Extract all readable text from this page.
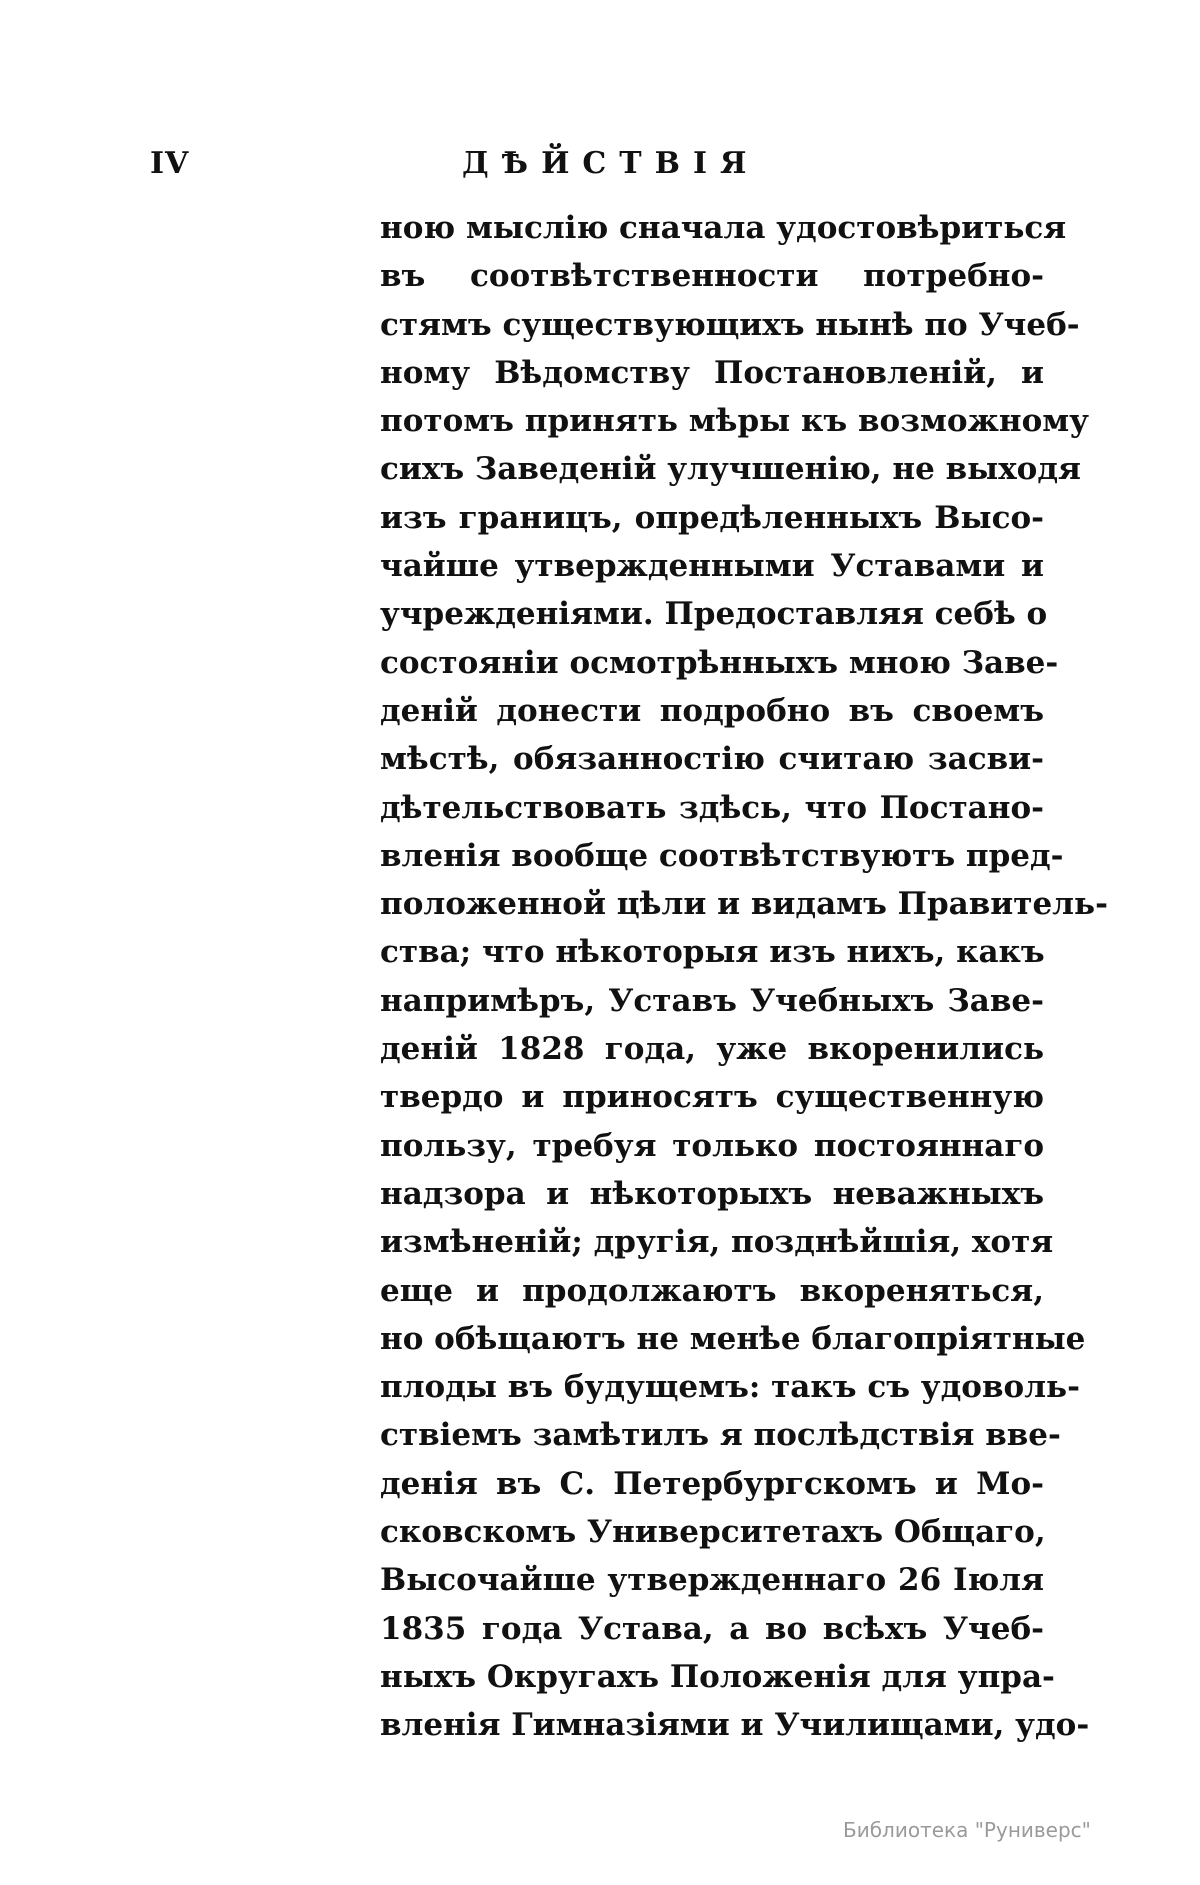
IV	ДѢЙСТВІЯ
ною мыслію сначала удостовѣриться
въ соотвѣтственности потребно-
стямъ существующихъ нынѣ по Учеб-
ному Вѣдомству Постановленій, и
потомъ принять мѣры къ возможному
сихъ Заведеній улучшенію, не выходя
изъ границъ, опредѣленныхъ Высо-
чайше утвержденными Уставами и
учрежденіями. Предоставляя себѣ о
состояніи осмотрѣнныхъ мною Заве-
деній донести подробно въ своемъ
мѣстѣ, обязанностію считаю засви-
дѣтельствовать здѣсь, что Постано-
вленія вообще соотвѣтствуютъ пред-
положенной цѣли и видамъ Правитель-
ства; что нѣкоторыя изъ нихъ, какъ
напримѣръ, Уставъ Учебныхъ Заве-
деній 1828 года, уже вкоренились
твердо и приносятъ существенную
пользу, требуя только постояннаго
надзора и нѣкоторыхъ неважныхъ
измѣненій; другія, позднѣйшія, хотя
еще и продолжаютъ вкореняться,
но обѣщаютъ не менѣе благопріятные
плоды въ будущемъ: такъ съ удоволь-
ствіемъ замѣтилъ я послѣдствія вве-
денія въ С. Петербургскомъ и Мо-
сковскомъ Университетахъ Общаго,
Высочайше утвержденнаго 26 Іюля
1835 года Устава, а во всѣхъ Учеб-
ныхъ Округахъ Положенія для упра-
вленія Гимназіями и Училищами, удо-
Библиотека "Руниверс"
